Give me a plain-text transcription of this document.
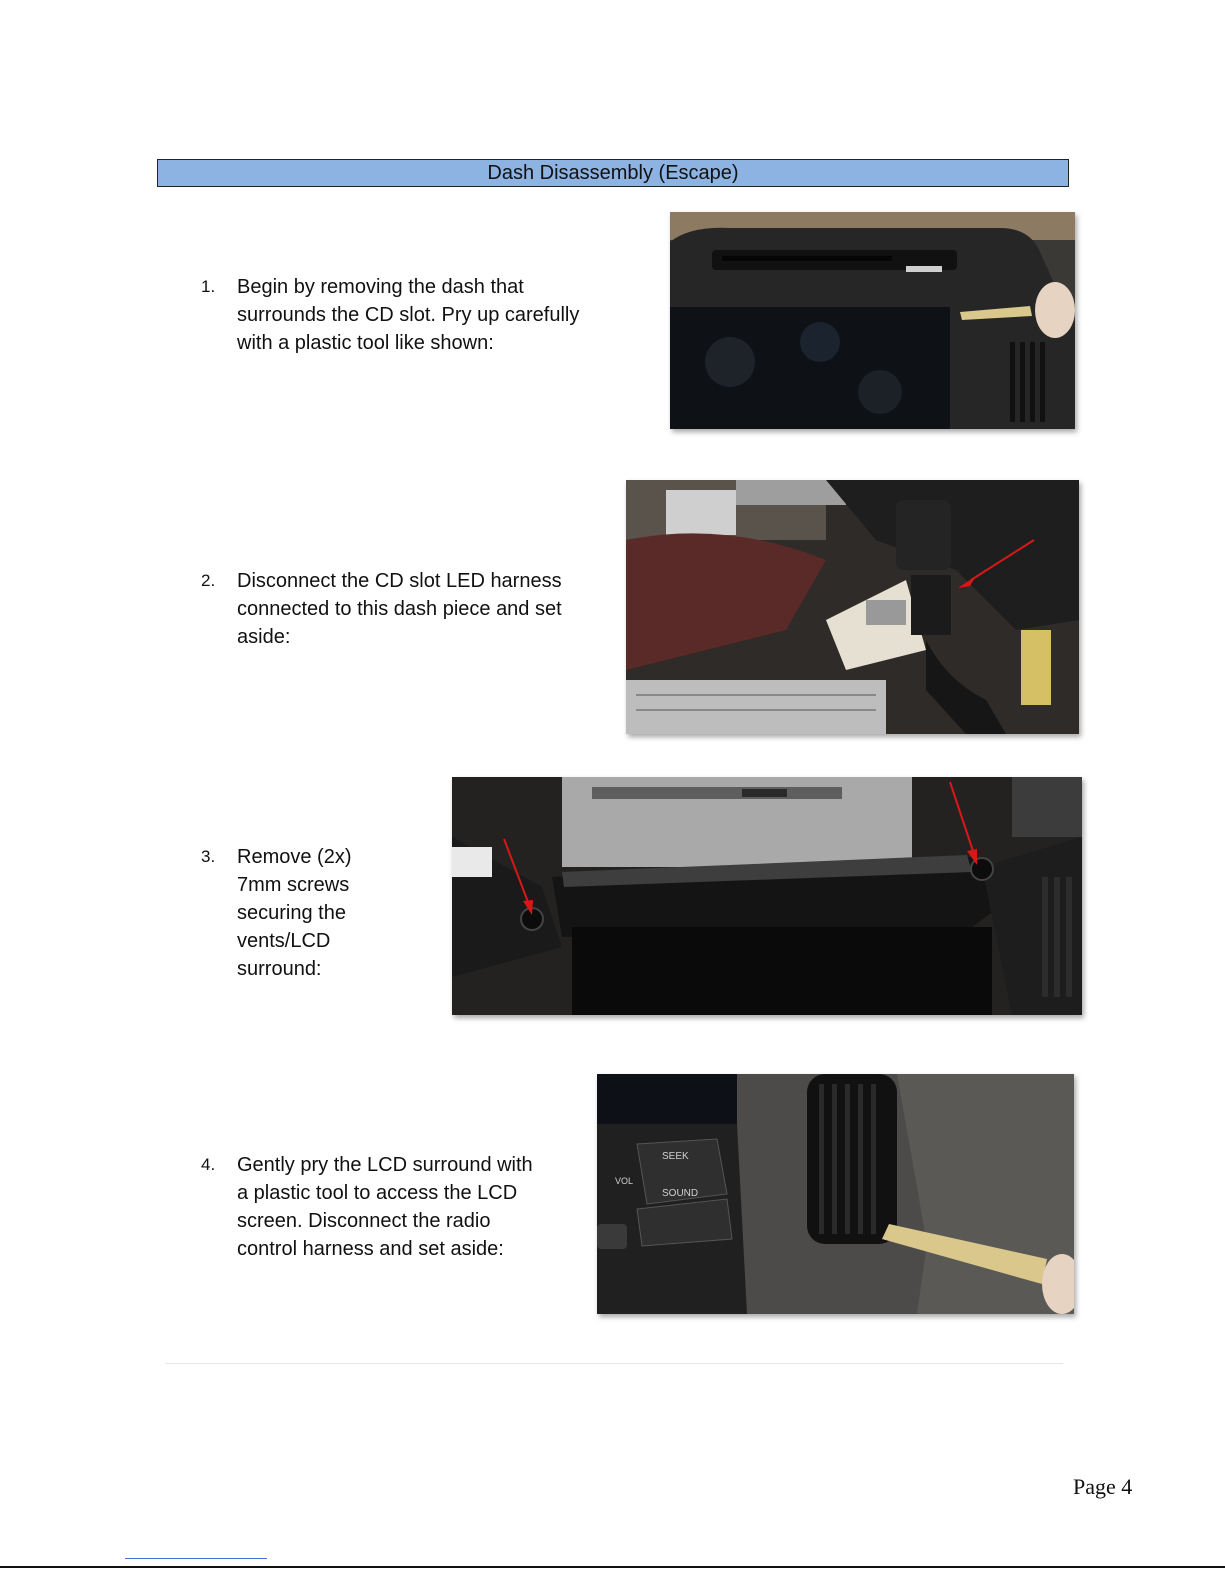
Dash Disassembly (Escape)
1.	Begin by removing the dash that
surrounds the CD slot. Pry up carefully
with a plastic tool like shown:
2.	Disconnect the CD slot LED harness
connected to this dash piece and set
aside:
3.	Remove (2x)
7mm screws
securing the
vents/LCD
surround:
4.	Gently pry the LCD surround with
a plastic tool to access the LCD
screen. Disconnect the radio
control harness and set aside:
SEEK
SOUND
VOL
Page 4
